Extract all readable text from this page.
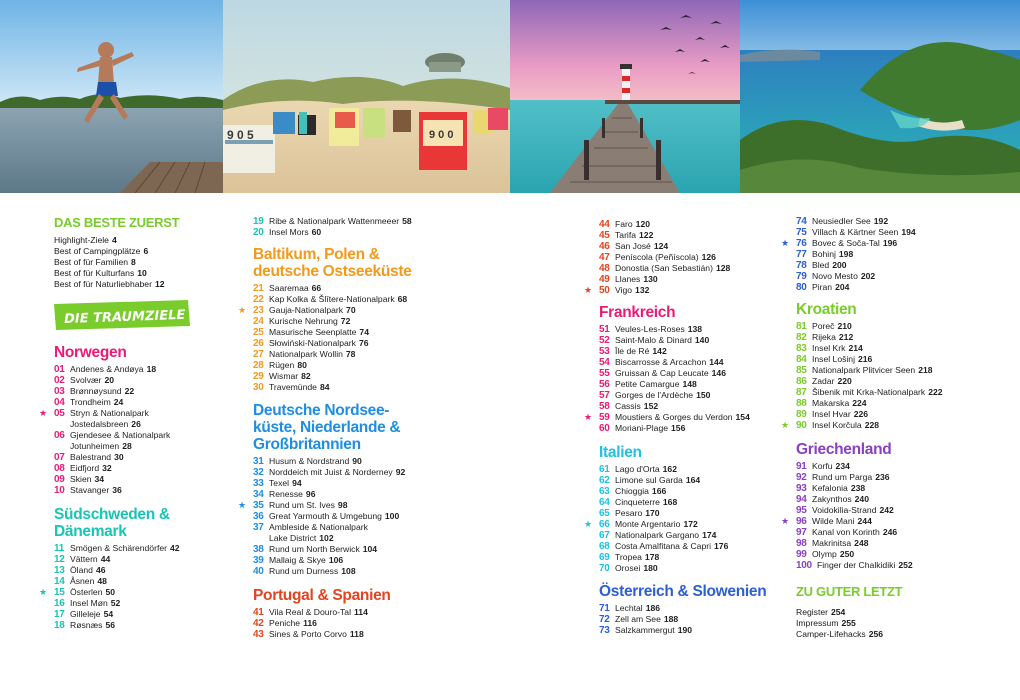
9 0 5	9 0 0
DAS BESTE ZUERST
Highlight-Ziele 4
Best of Campingplätze 6
Best of für Familien 8
Best of für Kulturfans 10
Best of für Naturliebhaber 12
DIE TRAUMZIELE
Norwegen
01 Andenes & Andøya 18
02 Svolvær 20
03 Brønnøysund 22
04 Trondheim 24
★ 05 Stryn & Nationalpark
Jostedalsbreen 26
06 Gjendesee & Nationalpark
Jotunheimen 28
07 Balestrand 30
08 Eidfjord 32
09 Skien 34
10 Stavanger 36
Südschweden &
Dänemark
11 Smögen & Schärendörfer 42
12 Vättern 44
13 Öland 46
14 Åsnen 48
★ 15 Österlen 50
16 Insel Møn 52
17 Gilleleje 54
18 Røsnæs 56
19 Ribe & Nationalpark Wattenmeeer 58
20 Insel Mors 60
Baltikum, Polen &
deutsche Ostseeküste
21 Saaremaa 66
22 Kap Kolka & Šlītere-Nationalpark 68
★ 23 Gauja-Nationalpark 70
24 Kurische Nehrung 72
25 Masurische Seenplatte 74
26 Słowiński-Nationalpark 76
27 Nationalpark Wollin 78
28 Rügen 80
29 Wismar 82
30 Travemünde 84
Deutsche Nordsee-
küste, Niederlande &
Großbritannien
31 Husum & Nordstrand 90
32 Norddeich mit Juist & Norderney 92
33 Texel 94
34 Renesse 96
★ 35 Rund um St. Ives 98
36 Great Yarmouth & Umgebung 100
37 Ambleside & Nationalpark
Lake District 102
38 Rund um North Berwick 104
39 Mallaig & Skye 106
40 Rund um Durness 108
Portugal & Spanien
41 Vila Real & Douro-Tal 114
42 Peniche 116
43 Sines & Porto Corvo 118
44 Faro 120
45 Tarifa 122
46 San José 124
47 Peníscola (Peñíscola) 126
48 Donostia (San Sebastián) 128
49 Llanes 130
★ 50 Vigo 132
Frankreich
51 Veules-Les-Roses 138
52 Saint-Malo & Dinard 140
53 Île de Ré 142
54 Biscarrosse & Arcachon 144
55 Gruissan & Cap Leucate 146
56 Petite Camargue 148
57 Gorges de l'Ardèche 150
58 Cassis 152
★ 59 Moustiers & Gorges du Verdon 154
60 Moriani-Plage 156
Italien
61 Lago d'Orta 162
62 Limone sul Garda 164
63 Chioggia 166
64 Cinqueterre 168
65 Pesaro 170
★ 66 Monte Argentario 172
67 Nationalpark Gargano 174
68 Costa Amalfitana & Capri 176
69 Tropea 178
70 Orosei 180
Österreich & Slowenien
71 Lechtal 186
72 Zell am See 188
73 Salzkammergut 190
74 Neusiedler See 192
75 Villach & Kärtner Seen 194
★ 76 Bovec & Soča-Tal 196
77 Bohinj 198
78 Bled 200
79 Novo Mesto 202
80 Piran 204
Kroatien
81 Poreč 210
82 Rijeka 212
83 Insel Krk 214
84 Insel Lošinj 216
85 Nationalpark Plitvicer Seen 218
86 Zadar 220
87 Šibenik mit Krka-Nationalpark 222
88 Makarska 224
89 Insel Hvar 226
★ 90 Insel Korčula 228
Griechenland
91 Korfu 234
92 Rund um Parga 236
93 Kefalonia 238
94 Zakynthos 240
95 Voidokilia-Strand 242
★ 96 Wilde Mani 244
97 Kanal von Korinth 246
98 Makrinitsa 248
99 Olymp 250
100 Finger der Chalkidiki 252
ZU GUTER LETZT
Register 254
Impressum 255
Camper-Lifehacks 256
